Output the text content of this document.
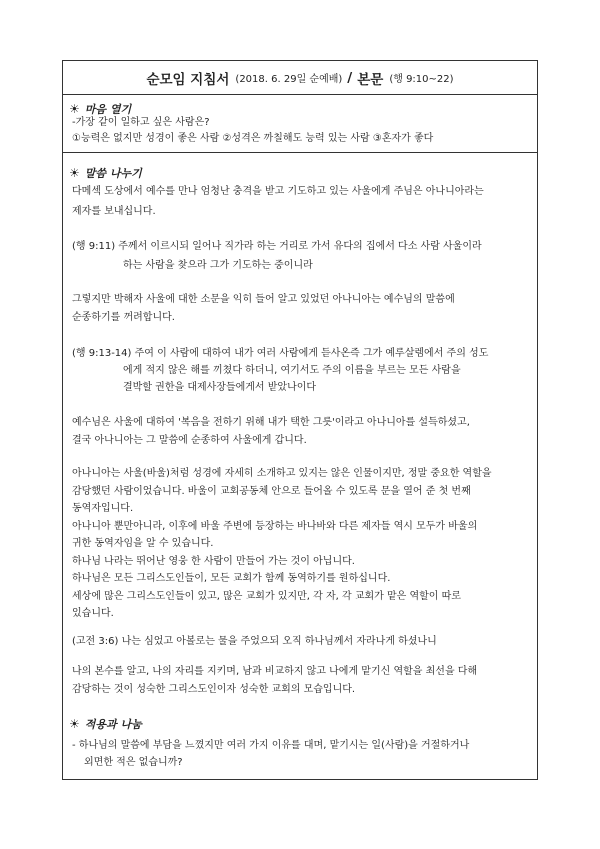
순모임 지침서 (2018. 6. 29일 순예배) / 본문 (행 9:10~22)
☀ 마음 열기
-가장 같이 일하고 싶은 사람은?
①능력은 없지만 성경이 좋은 사람 ②성격은 까칠해도 능력 있는 사람 ③혼자가 좋다
☀ 말씀 나누기
다메섹 도상에서 예수를 만나 엄청난 충격을 받고 기도하고 있는 사울에게 주님은 아나니아라는
제자를 보내십니다.
(행 9:11) 주께서 이르시되 일어나 직가라 하는 거리로 가서 유다의 집에서 다소 사람 사울이라
하는 사람을 찾으라 그가 기도하는 중이니라
그렇지만 박해자 사울에 대한 소문을 익히 들어 알고 있었던 아나니아는 예수님의 말씀에
순종하기를 꺼려합니다.
(행 9:13-14) 주여 이 사람에 대하여 내가 여러 사람에게 듣사온즉 그가 예루살렘에서 주의 성도
에게 적지 않은 해를 끼쳤다 하더니, 여기서도 주의 이름을 부르는 모든 사람을
결박할 권한을 대제사장들에게서 받았나이다
예수님은 사울에 대하여 '복음을 전하기 위해 내가 택한 그릇'이라고 아나니아를 설득하셨고,
결국 아나니아는 그 말씀에 순종하여 사울에게 갑니다.
아나니아는 사울(바울)처럼 성경에 자세히 소개하고 있지는 않은 인물이지만, 정말 중요한 역할을
감당했던 사람이었습니다. 바울이 교회공동체 안으로 들어올 수 있도록 문을 열어 준 첫 번째
동역자입니다.
아나니아 뿐만아니라, 이후에 바울 주변에 등장하는 바나바와 다른 제자들 역시 모두가 바울의
귀한 동역자임을 알 수 있습니다.
하나님 나라는 뛰어난 영웅 한 사람이 만들어 가는 것이 아닙니다.
하나님은 모든 그리스도인들이, 모든 교회가 함께 동역하기를 원하십니다.
세상에 많은 그리스도인들이 있고, 많은 교회가 있지만, 각 자, 각 교회가 맡은 역할이 따로
있습니다.
(고전 3:6) 나는 심었고 아볼로는 물을 주었으되 오직 하나님께서 자라나게 하셨나니
나의 본수를 알고, 나의 자리를 지키며, 남과 비교하지 않고 나에게 맡기신 역할을 최선을 다해
감당하는 것이 성숙한 그리스도인이자 성숙한 교회의 모습입니다.
☀ 적용과 나눔
- 하나님의 말씀에 부담을 느꼈지만 여러 가지 이유를 대며, 맡기시는 일(사람)을 거절하거나
외면한 적은 없습니까?
